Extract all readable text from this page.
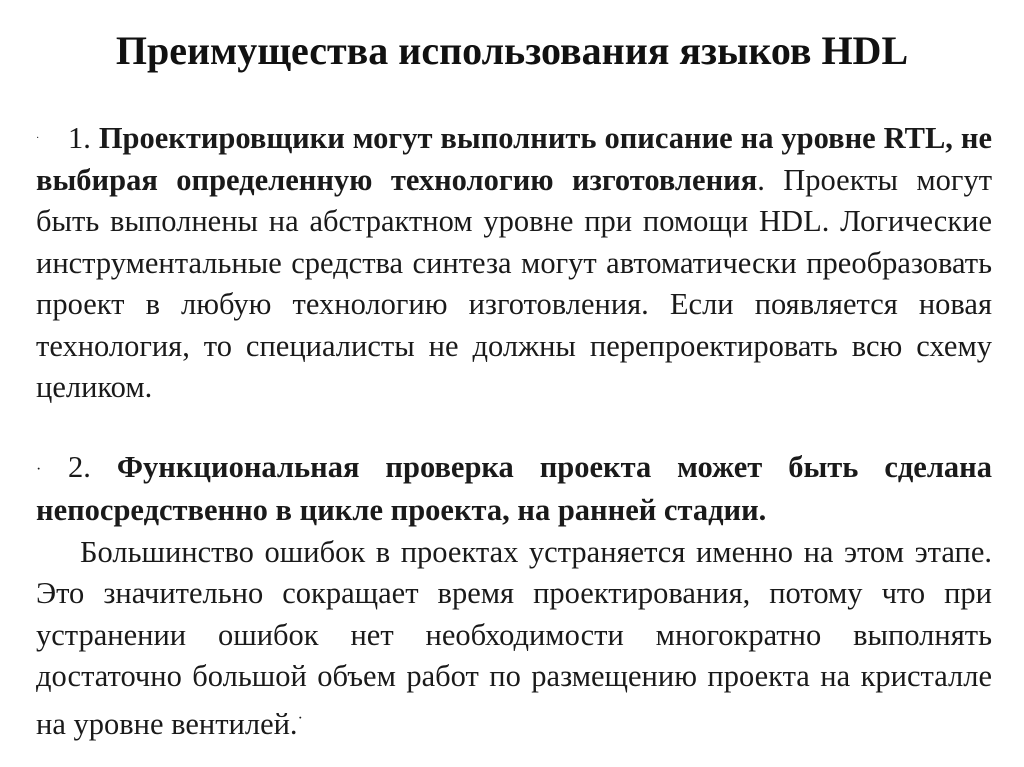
Преимущества использования языков HDL

· 1. Проектировщики могут выполнить описание на уровне RTL, не выбирая определенную технологию изготовления. Проекты могут быть выполнены на абстрактном уровне при помощи HDL. Логические инструментальные средства синтеза могут автоматически преобразовать проект в любую технологию изготовления. Если появляется новая технология, то специалисты не должны перепроектировать всю схему целиком.

· 2. Функциональная проверка проекта может быть сделана непосредственно в цикле проекта, на ранней стадии.
Большинство ошибок в проектах устраняется именно на этом этапе. Это значительно сокращает время проектирования, потому что при устранении ошибок нет необходимости многократно выполнять достаточно большой объем работ по размещению проекта на кристалле на уровне вентилей.·
